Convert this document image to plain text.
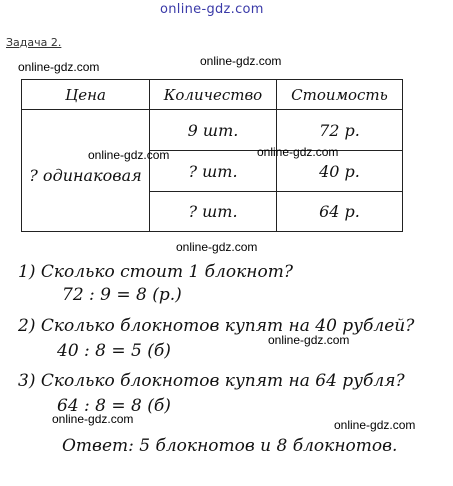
online-gdz.com
Задача 2.
online-gdz.com	online-gdz.com
Цена	Количество	Стоимость
? одинаковая	9 шт.	72 р.
	? шт.	40 р.
	? шт.	64 р.
online-gdz.com	online-gdz.com
online-gdz.com
1) Сколько стоит 1 блокнот?
72 : 9 = 8 (р.)
2) Сколько блокнотов купят на 40 рублей?
online-gdz.com
40 : 8 = 5 (б)
3) Сколько блокнотов купят на 64 рубля?
64 : 8 = 8 (б)
online-gdz.com	online-gdz.com
Ответ: 5 блокнотов и 8 блокнотов.
